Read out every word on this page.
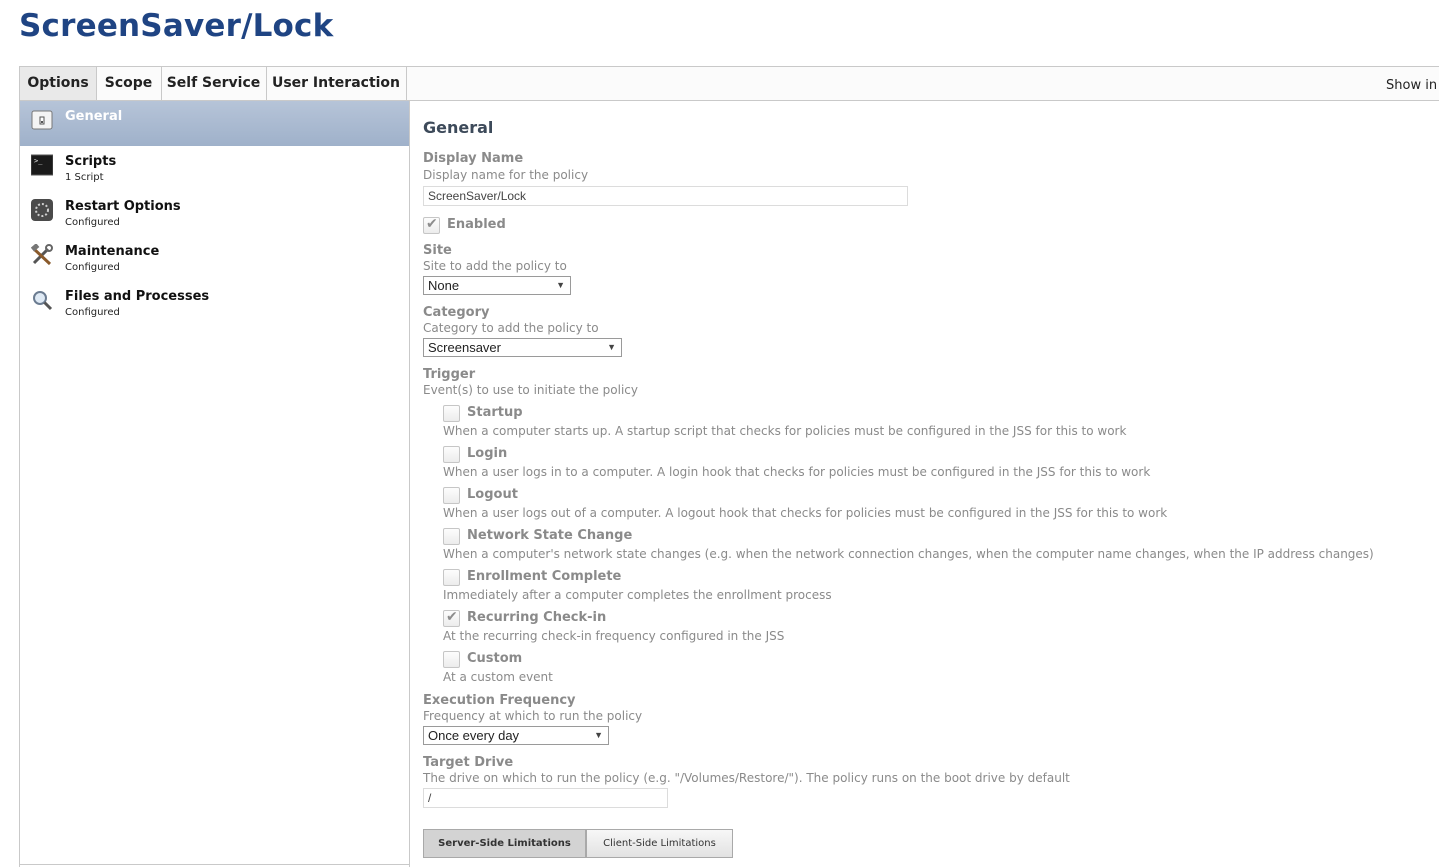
ScreenSaver/Lock
Options	Scope	Self Service User Interaction	Show in
General
>_ Scripts
1 Script
Restart Options
Configured
Maintenance
Configured
Files and Processes
Configured
General
Display Name
Display name for the policy
ScreenSaver/Lock
✔ Enabled
Site
Site to add the policy to
None	▼
Category
Category to add the policy to
Screensaver	▼
Trigger
Event(s) to use to initiate the policy
Startup
When a computer starts up. A startup script that checks for policies must be configured in the JSS for this to work
Login
When a user logs in to a computer. A login hook that checks for policies must be configured in the JSS for this to work
Logout
When a user logs out of a computer. A logout hook that checks for policies must be configured in the JSS for this to work
Network State Change
When a computer's network state changes (e.g. when the network connection changes, when the computer name changes, when the IP address changes)
Enrollment Complete
Immediately after a computer completes the enrollment process
✔ Recurring Check-in
At the recurring check-in frequency configured in the JSS
Custom
At a custom event
Execution Frequency
Frequency at which to run the policy
Once every day	▼
Target Drive
The drive on which to run the policy (e.g. "/Volumes/Restore/"). The policy runs on the boot drive by default
/
Server-Side Limitations	Client-Side Limitations
